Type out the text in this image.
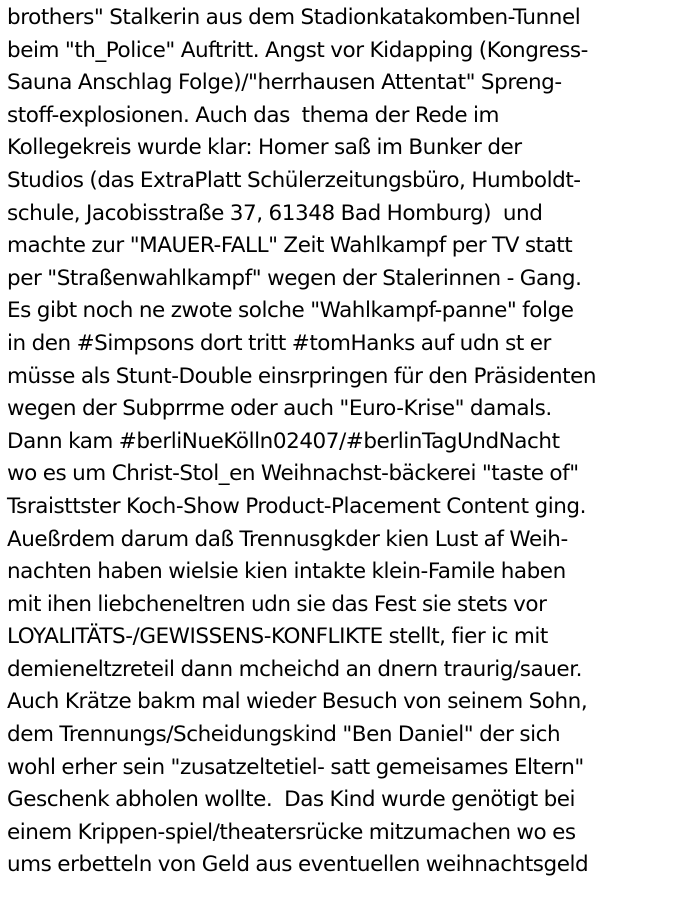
brothers" Stalkerin aus dem Stadionkatakomben-Tunnel
beim "th_Police" Auftritt. Angst vor Kidapping (Kongress-
Sauna Anschlag Folge)/"herrhausen Attentat" Spreng-
stoff-explosionen. Auch das  thema der Rede im
Kollegekreis wurde klar: Homer saß im Bunker der
Studios (das ExtraPlatt Schülerzeitungsbüro, Humboldt-
schule, Jacobisstraße 37, 61348 Bad Homburg)  und
machte zur "MAUER-FALL" Zeit Wahlkampf per TV statt
per "Straßenwahlkampf" wegen der Stalerinnen - Gang.
Es gibt noch ne zwote solche "Wahlkampf-panne" folge
in den #Simpsons dort tritt #tomHanks auf udn st er
müsse als Stunt-Double einsrpringen für den Präsidenten
wegen der Subprrme oder auch "Euro-Krise" damals.
Dann kam #berliNueKölln02407/#berlinTagUndNacht
wo es um Christ-Stol_en Weihnachst-bäckerei "taste of"
Tsraisttster Koch-Show Product-Placement Content ging.
Aueßrdem darum daß Trennusgkder kien Lust af Weih-
nachten haben wielsie kien intakte klein-Famile haben
mit ihen liebcheneltren udn sie das Fest sie stets vor
LOYALITÄTS-/GEWISSENS-KONFLIKTE stellt, fier ic mit
demieneltzreteil dann mcheichd an dnern traurig/sauer.
Auch Krätze bakm mal wieder Besuch von seinem Sohn,
dem Trennungs/Scheidungskind "Ben Daniel" der sich
wohl erher sein "zusatzeltetiel- satt gemeisames Eltern"
Geschenk abholen wollte.  Das Kind wurde genötigt bei
einem Krippen-spiel/theatersrücke mitzumachen wo es
ums erbetteln von Geld aus eventuellen weihnachtsgeld
